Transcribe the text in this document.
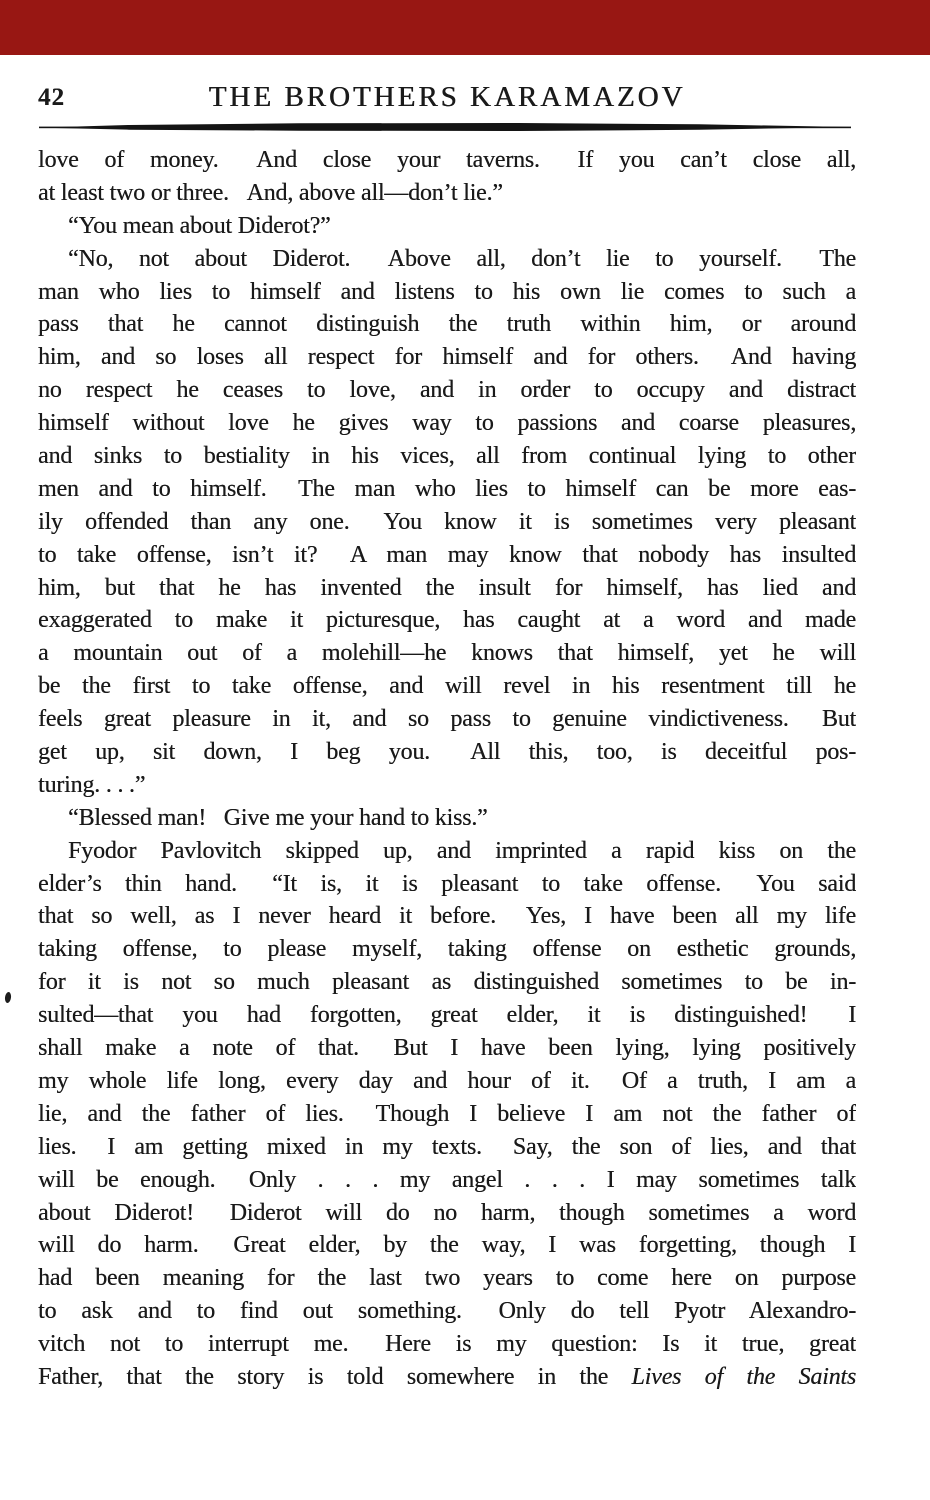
42	THE BROTHERS KARAMAZOV
love of money.  And close your taverns.  If you can’t close all,
at least two or three.  And, above all—don’t lie.”
“You mean about Diderot?”
“No, not about Diderot.  Above all, don’t lie to yourself.  The
man who lies to himself and listens to his own lie comes to such a
pass that he cannot distinguish the truth within him, or around
him, and so loses all respect for himself and for others.  And having
no respect he ceases to love, and in order to occupy and distract
himself without love he gives way to passions and coarse pleasures,
and sinks to bestiality in his vices, all from continual lying to other
men and to himself.  The man who lies to himself can be more eas-
ily offended than any one.  You know it is sometimes very pleasant
to take offense, isn’t it?  A man may know that nobody has insulted
him, but that he has invented the insult for himself, has lied and
exaggerated to make it picturesque, has caught at a word and made
a mountain out of a molehill—he knows that himself, yet he will
be the first to take offense, and will revel in his resentment till he
feels great pleasure in it, and so pass to genuine vindictiveness.  But
get up, sit down, I beg you.  All this, too, is deceitful pos-
turing. . . .”
“Blessed man!  Give me your hand to kiss.”
Fyodor Pavlovitch skipped up, and imprinted a rapid kiss on the
elder’s thin hand.  “It is, it is pleasant to take offense.  You said
that so well, as I never heard it before.  Yes, I have been all my life
taking offense, to please myself, taking offense on esthetic grounds,
for it is not so much pleasant as distinguished sometimes to be in-
sulted—that you had forgotten, great elder, it is distinguished!  I
shall make a note of that.  But I have been lying, lying positively
my whole life long, every day and hour of it.  Of a truth, I am a
lie, and the father of lies.  Though I believe I am not the father of
lies.  I am getting mixed in my texts.  Say, the son of lies, and that
will be enough.  Only . . . my angel . . . I may sometimes talk
about Diderot!  Diderot will do no harm, though sometimes a word
will do harm.  Great elder, by the way, I was forgetting, though I
had been meaning for the last two years to come here on purpose
to ask and to find out something.  Only do tell Pyotr Alexandro-
vitch not to interrupt me.  Here is my question: Is it true, great
Father, that the story is told somewhere in the Lives of the Saints
